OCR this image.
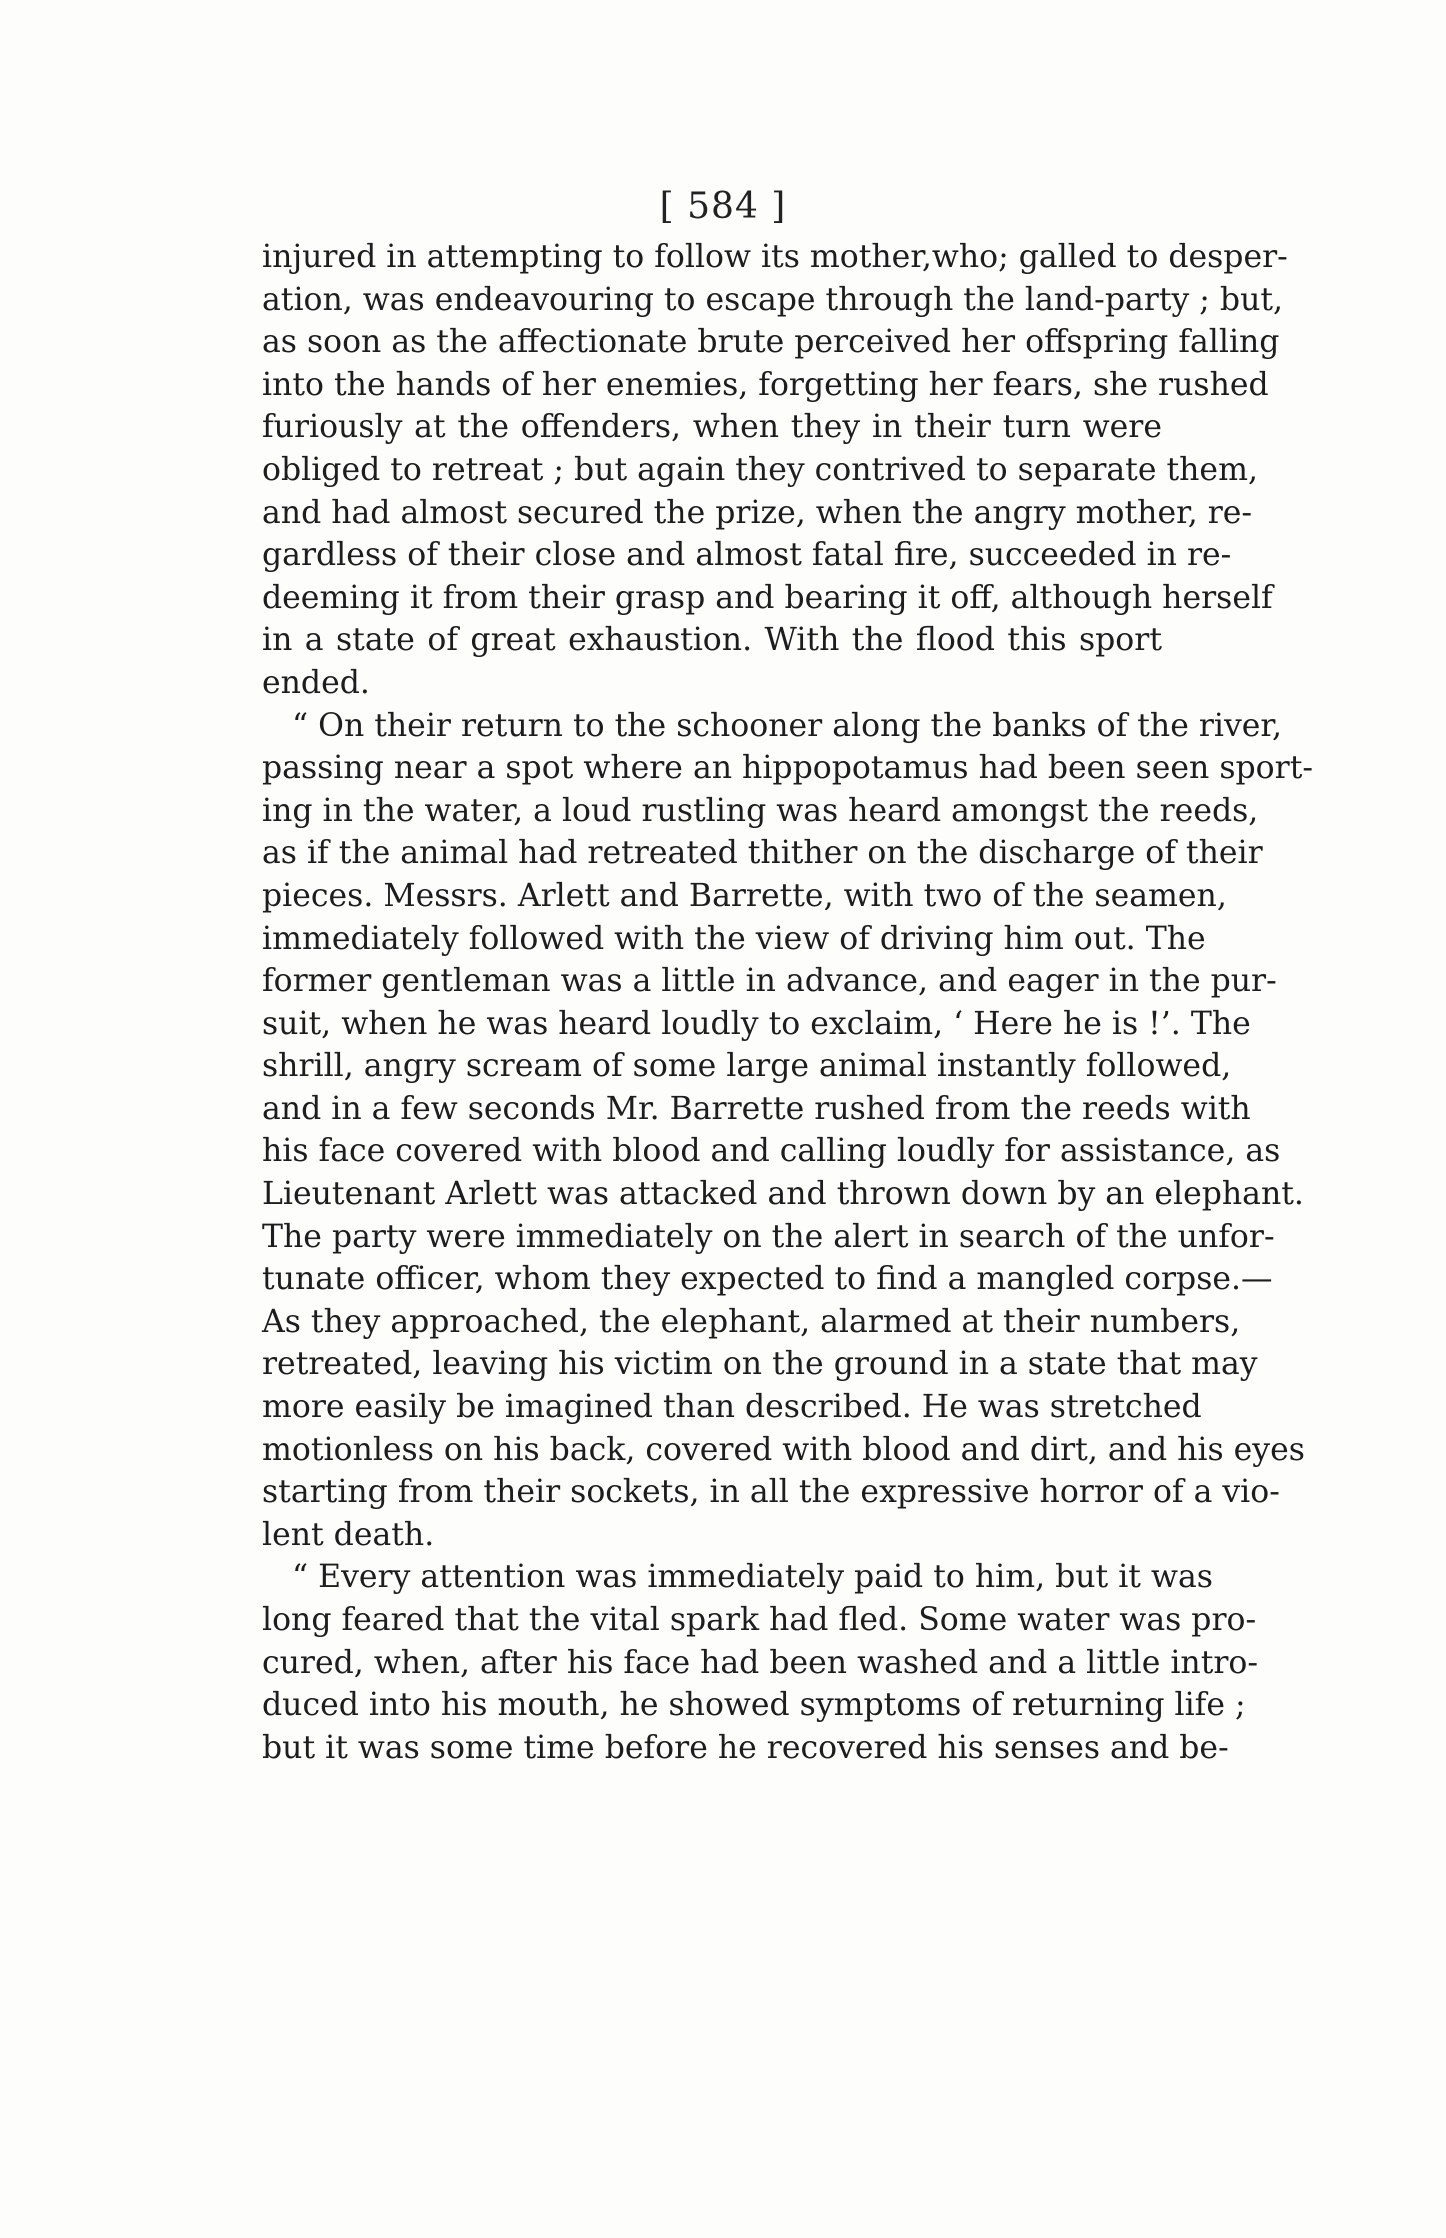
[ 584 ]
injured in attempting to follow its mother,who; galled to desper-
ation, was endeavouring to escape through the land-party ; but,
as soon as the affectionate brute perceived her offspring falling
into the hands of her enemies, forgetting her fears, she rushed
furiously at the offenders, when they in their turn were
obliged to retreat ; but again they contrived to separate them,
and had almost secured the prize, when the angry mother, re-
gardless of their close and almost fatal fire, succeeded in re-
deeming it from their grasp and bearing it off, although herself
in a state of great exhaustion. With the flood this sport
ended.
“ On their return to the schooner along the banks of the river,
passing near a spot where an hippopotamus had been seen sport-
ing in the water, a loud rustling was heard amongst the reeds,
as if the animal had retreated thither on the discharge of their
pieces. Messrs. Arlett and Barrette, with two of the seamen,
immediately followed with the view of driving him out. The
former gentleman was a little in advance, and eager in the pur-
suit, when he was heard loudly to exclaim, ‘ Here he is !’. The
shrill, angry scream of some large animal instantly followed,
and in a few seconds Mr. Barrette rushed from the reeds with
his face covered with blood and calling loudly for assistance, as
Lieutenant Arlett was attacked and thrown down by an elephant.
The party were immediately on the alert in search of the unfor-
tunate officer, whom they expected to find a mangled corpse.—
As they approached, the elephant, alarmed at their numbers,
retreated, leaving his victim on the ground in a state that may
more easily be imagined than described. He was stretched
motionless on his back, covered with blood and dirt, and his eyes
starting from their sockets, in all the expressive horror of a vio-
lent death.
“ Every attention was immediately paid to him, but it was
long feared that the vital spark had fled. Some water was pro-
cured, when, after his face had been washed and a little intro-
duced into his mouth, he showed symptoms of returning life ;
but it was some time before he recovered his senses and be-
